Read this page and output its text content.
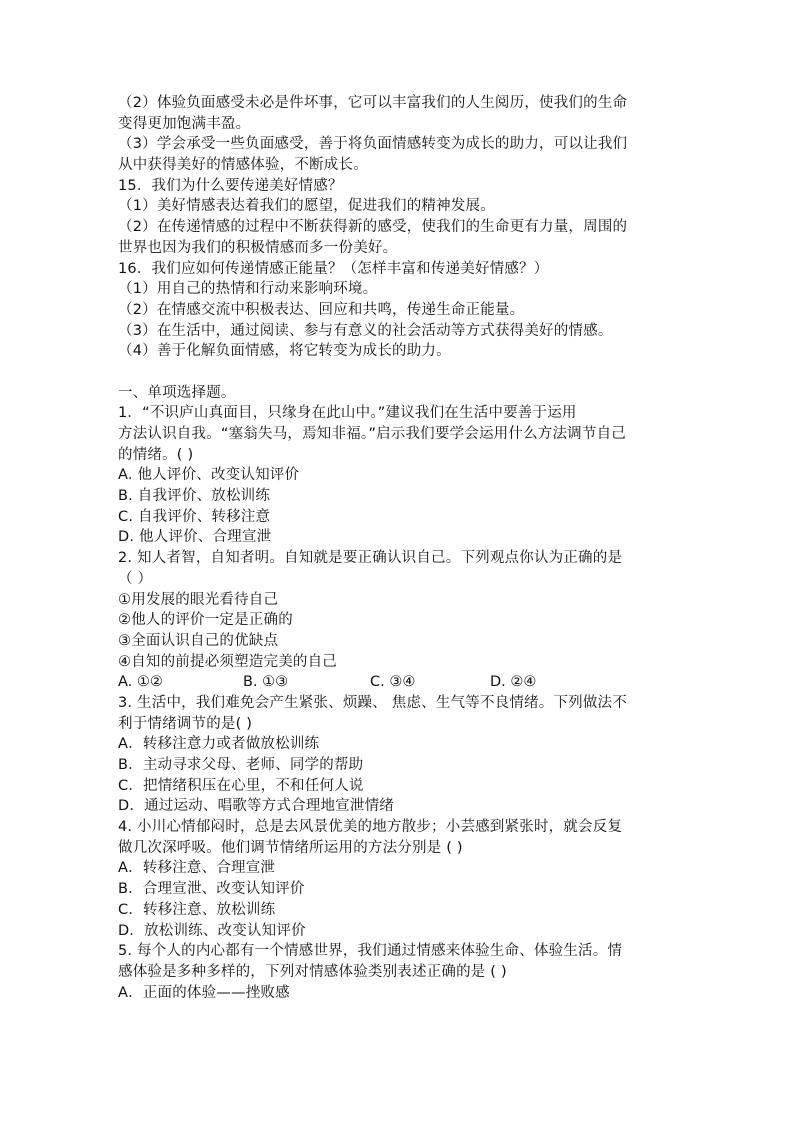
（2）体验负面感受未必是件坏事，它可以丰富我们的人生阅历，使我们的生命
变得更加饱满丰盈。
（3）学会承受一些负面感受，善于将负面情感转变为成长的助力，可以让我们
从中获得美好的情感体验，不断成长。
15．我们为什么要传递美好情感？
（1）美好情感表达着我们的愿望，促进我们的精神发展。
（2）在传递情感的过程中不断获得新的感受，使我们的生命更有力量，周围的
世界也因为我们的积极情感而多一份美好。
16．我们应如何传递情感正能量？（怎样丰富和传递美好情感？）
（1）用自己的热情和行动来影响环境。
（2）在情感交流中积极表达、回应和共鸣，传递生命正能量。
（3）在生活中，通过阅读、参与有意义的社会活动等方式获得美好的情感。
（4）善于化解负面情感，将它转变为成长的助力。
一、单项选择题。
1．“不识庐山真面目，只缘身在此山中。”建议我们在生活中要善于运用
方法认识自我。“塞翁失马，焉知非福。”启示我们要学会运用什么方法调节自己
的情绪。( )
A. 他人评价、改变认知评价
B. 自我评价、放松训练
C. 自我评价、转移注意
D. 他人评价、合理宣泄
2. 知人者智，自知者明。自知就是要正确认识自己。下列观点你认为正确的是
（ ）
①用发展的眼光看待自己
②他人的评价一定是正确的
③全面认识自己的优缺点
④自知的前提必须塑造完美的自己
A. ①②	B. ①③	C. ③④	D. ②④
3. 生活中，我们难免会产生紧张、烦躁、 焦虑、生气等不良情绪。下列做法不
利于情绪调节的是( )
A．转移注意力或者做放松训练
B．主动寻求父母、老师、同学的帮助
C．把情绪积压在心里，不和任何人说
D．通过运动、唱歌等方式合理地宣泄情绪
4. 小川心情郁闷时，总是去风景优美的地方散步；小芸感到紧张时，就会反复
做几次深呼吸。他们调节情绪所运用的方法分别是 ( )
A．转移注意、合理宣泄
B．合理宣泄、改变认知评价
C．转移注意、放松训练
D．放松训练、改变认知评价
5. 每个人的内心都有一个情感世界，我们通过情感来体验生命、体验生活。情
感体验是多种多样的，下列对情感体验类别表述正确的是 ( )
A．正面的体验——挫败感
